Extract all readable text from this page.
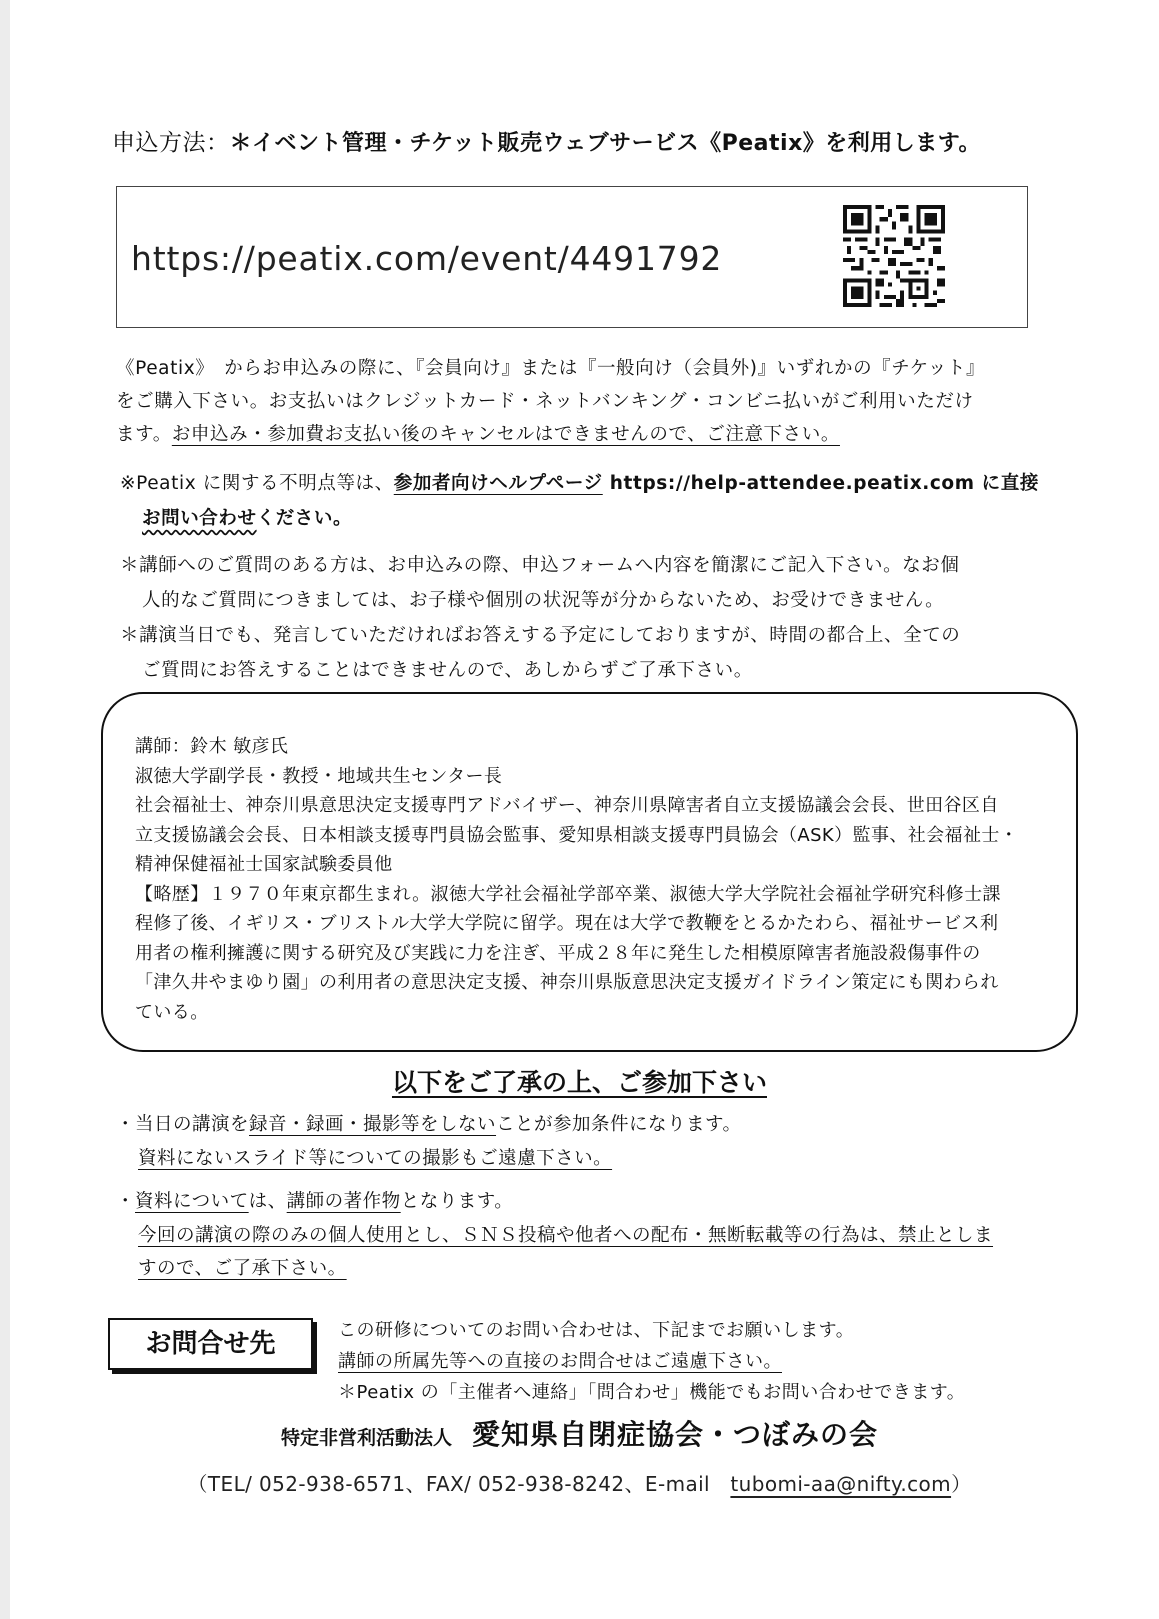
申込方法：＊イベント管理・チケット販売ウェブサービス《Peatix》を利用します。
https://peatix.com/event/4491792
《Peatix》　からお申込みの際に、『会員向け』または『一般向け（会員外)』いずれかの『チケット』
をご購入下さい。お支払いはクレジットカード・ネットバンキング・コンビニ払いがご利用いただけ
ます。お申込み・参加費お支払い後のキャンセルはできませんので、ご注意下さい。
※Peatix に関する不明点等は、参加者向けヘルプページ https://help-attendee.peatix.com に直接
お問い合わせください。
＊講師へのご質問のある方は、お申込みの際、申込フォームへ内容を簡潔にご記入下さい。なお個
人的なご質問につきましては、お子様や個別の状況等が分からないため、お受けできません。
＊講演当日でも、発言していただければお答えする予定にしておりますが、時間の都合上、全ての
ご質問にお答えすることはできませんので、あしからずご了承下さい。

講師：鈴木 敏彦氏

淑徳大学副学長・教授・地域共生センター長

社会福祉士、神奈川県意思決定支援専門アドバイザー、神奈川県障害者自立支援協議会会長、世田谷区自

立支援協議会会長、日本相談支援専門員協会監事、愛知県相談支援専門員協会（ASK）監事、社会福祉士・

精神保健福祉士国家試験委員他

【略歴】１９７０年東京都生まれ。淑徳大学社会福祉学部卒業、淑徳大学大学院社会福祉学研究科修士課

程修了後、イギリス・ブリストル大学大学院に留学。現在は大学で教鞭をとるかたわら、福祉サービス利

用者の権利擁護に関する研究及び実践に力を注ぎ、平成２８年に発生した相模原障害者施設殺傷事件の

「津久井やまゆり園」の利用者の意思決定支援、神奈川県版意思決定支援ガイドライン策定にも関わられ

ている。

以下をご了承の上、ご参加下さい

・当日の講演を録音・録画・撮影等をしないことが参加条件になります。

資料にないスライド等についての撮影もご遠慮下さい。

・資料については、講師の著作物となります。

今回の講演の際のみの個人使用とし、ＳＮＳ投稿や他者への配布・無断転載等の行為は、禁止としま

すので、ご了承下さい。

お問合せ先	この研修についてのお問い合わせは、下記までお願いします。

講師の所属先等への直接のお問合せはご遠慮下さい。

＊Peatix の「主催者へ連絡」「問合わせ」機能でもお問い合わせできます。

特定非営利活動法人 愛知県自閉症協会・つぼみの会
（TEL/ 052-938-6571、FAX/ 052-938-8242、E-mail　tubomi-aa@nifty.com）
